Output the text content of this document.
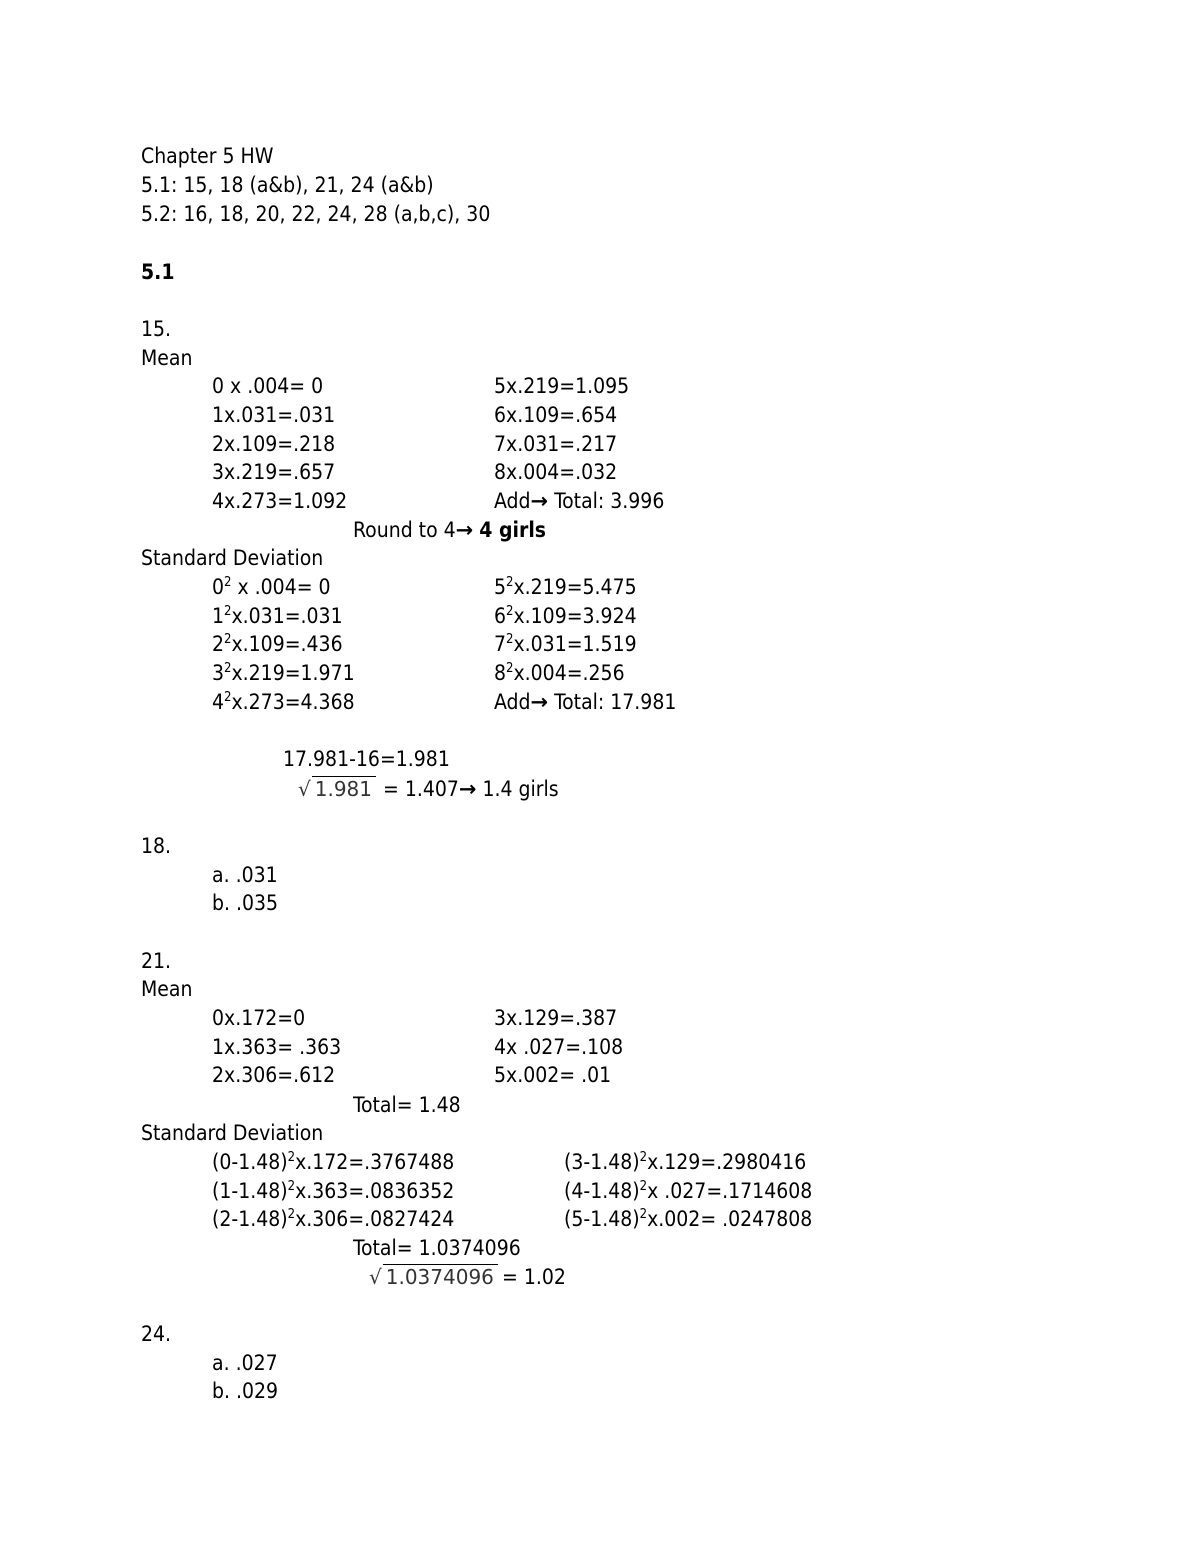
Chapter 5 HW
5.1: 15, 18 (a&b), 21, 24 (a&b)
5.2: 16, 18, 20, 22, 24, 28 (a,b,c), 30
5.1
15.
Mean
0 x .004= 0
1x.031=.031
2x.109=.218
3x.219=.657
4x.273=1.092
5x.219=1.095
6x.109=.654
7x.031=.217
8x.004=.032
Add→ Total: 3.996
Round to 4→ 4 girls
Standard Deviation
$0^2$ x .004= 0
$1^2x.031=.031$
$2^2x.109=.436$
$3^2x.219=1.971$
$4^2x.273=4.368$
$5^2x.219=5.475$
$6^2x.109=3.924$
$7^2x.031=1.519$
$8^2x.004=.256$
Add→ Total: 17.981
17.981-16=1.981
√ 1.981 = 1.407→ 1.4 girls
18.
a. .031
b. .035
21.
Mean
0x.172=0
1x.363= .363
2x.306=.612
3x.129=.387
4x .027=.108
5x.002= .01
Total= 1.48
Standard Deviation
$(0-1.48)^2x.172=.3767488$
$(1-1.48)^2x.363=.0836352$
$(2-1.48)^2x.306=.0827424$
$(3-1.48)^2x.129=.2980416$
$(4-1.48)^2x$ .027=.1714608
$(5-1.48)^2x.002= .0247808$
Total= 1.0374096
√ 1.0374096 = 1.02
24.
a. .027
b. .029
